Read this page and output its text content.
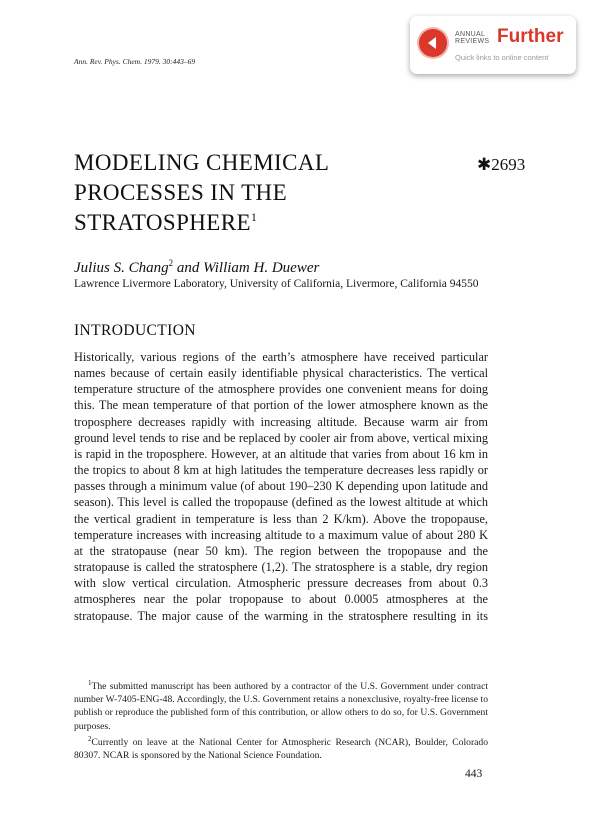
Ann. Rev. Phys. Chem. 1979. 30:443–69
ANNUAL
REVIEWS Further
Quick links to online content
MODELING CHEMICAL
PROCESSES IN THE
STRATOSPHERE$^1$
✱2693
Julius S. Chang$^2$ and William H. Duewer
Lawrence Livermore Laboratory, University of California, Livermore, California 94550
INTRODUCTION
Historically, various regions of the earth’s atmosphere have received particular names because of certain easily identifiable physical characteristics. The vertical temperature structure of the atmosphere provides one convenient means for doing this. The mean temperature of that portion of the lower atmosphere known as the troposphere decreases rapidly with increasing altitude. Because warm air from ground level tends to rise and be replaced by cooler air from above, vertical mixing is rapid in the troposphere. However, at an altitude that varies from about 16 km in the tropics to about 8 km at high latitudes the temperature decreases less rapidly or passes through a minimum value (of about 190–230 K depending upon latitude and season). This level is called the tropopause (defined as the lowest altitude at which the vertical gradient in temperature is less than 2 K/km). Above the tropopause, temperature increases with increasing altitude to a maximum value of about 280 K at the stratopause (near 50 km). The region between the tropopause and the stratopause is called the stratosphere (1,2). The stratosphere is a stable, dry region with slow vertical circulation. Atmospheric pressure decreases from about 0.3 atmospheres near the polar tropopause to about 0.0005 atmospheres at the stratopause. The major cause of the warming in the stratosphere resulting in its

$^1$The submitted manuscript has been authored by a contractor of the U.S. Government under contract number W-7405-ENG-48. Accordingly, the U.S. Government retains a nonexclusive, royalty-free license to publish or reproduce the published form of this contribution, or allow others to do so, for U.S. Government purposes.

$^2$Currently on leave at the National Center for Atmospheric Research (NCAR), Boulder, Colorado 80307. NCAR is sponsored by the National Science Foundation.

443
